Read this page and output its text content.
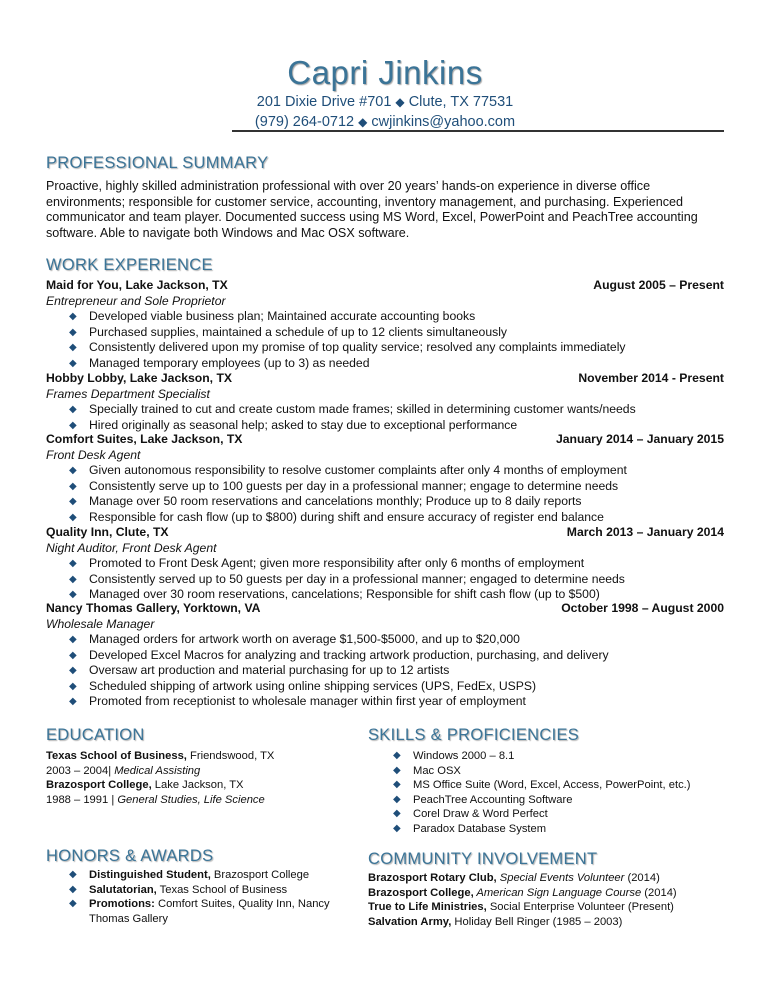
Capri Jinkins
201 Dixie Drive #701 ◆ Clute, TX 77531
(979) 264-0712 ◆ cwjinkins@yahoo.com
PROFESSIONAL SUMMARY
Proactive, highly skilled administration professional with over 20 years’ hands-on experience in diverse office environments; responsible for customer service, accounting, inventory management, and purchasing. Experienced communicator and team player. Documented success using MS Word, Excel, PowerPoint and PeachTree accounting software. Able to navigate both Windows and Mac OSX software.
WORK EXPERIENCE
Maid for You, Lake Jackson, TX	August 2005 – Present
Entrepreneur and Sole Proprietor
◆ Developed viable business plan; Maintained accurate accounting books
◆ Purchased supplies, maintained a schedule of up to 12 clients simultaneously
◆ Consistently delivered upon my promise of top quality service; resolved any complaints immediately
◆ Managed temporary employees (up to 3) as needed
Hobby Lobby, Lake Jackson, TX	November 2014 - Present
Frames Department Specialist
◆ Specially trained to cut and create custom made frames; skilled in determining customer wants/needs
◆ Hired originally as seasonal help; asked to stay due to exceptional performance
Comfort Suites, Lake Jackson, TX	January 2014 – January 2015
Front Desk Agent
◆ Given autonomous responsibility to resolve customer complaints after only 4 months of employment
◆ Consistently serve up to 100 guests per day in a professional manner; engage to determine needs
◆ Manage over 50 room reservations and cancelations monthly; Produce up to 8 daily reports
◆ Responsible for cash flow (up to $800) during shift and ensure accuracy of register end balance
Quality Inn, Clute, TX	March 2013 – January 2014
Night Auditor, Front Desk Agent
◆ Promoted to Front Desk Agent; given more responsibility after only 6 months of employment
◆ Consistently served up to 50 guests per day in a professional manner; engaged to determine needs
◆ Managed over 30 room reservations, cancelations; Responsible for shift cash flow (up to $500)
Nancy Thomas Gallery, Yorktown, VA	October 1998 – August 2000
Wholesale Manager
◆ Managed orders for artwork worth on average $1,500-$5000, and up to $20,000
◆ Developed Excel Macros for analyzing and tracking artwork production, purchasing, and delivery
◆ Oversaw art production and material purchasing for up to 12 artists
◆ Scheduled shipping of artwork using online shipping services (UPS, FedEx, USPS)
◆ Promoted from receptionist to wholesale manager within first year of employment
EDUCATION
Texas School of Business, Friendswood, TX
2003 – 2004| Medical Assisting
Brazosport College, Lake Jackson, TX
1988 – 1991 | General Studies, Life Science
SKILLS & PROFICIENCIES
◆ Windows 2000 – 8.1
◆ Mac OSX
◆ MS Office Suite (Word, Excel, Access, PowerPoint, etc.)
◆ PeachTree Accounting Software
◆ Corel Draw & Word Perfect
◆ Paradox Database System
HONORS & AWARDS
◆ Distinguished Student, Brazosport College
◆ Salutatorian, Texas School of Business
◆ Promotions: Comfort Suites, Quality Inn, Nancy Thomas Gallery
COMMUNITY INVOLVEMENT
Brazosport Rotary Club, Special Events Volunteer (2014)
Brazosport College, American Sign Language Course (2014)
True to Life Ministries, Social Enterprise Volunteer (Present)
Salvation Army, Holiday Bell Ringer (1985 – 2003)
